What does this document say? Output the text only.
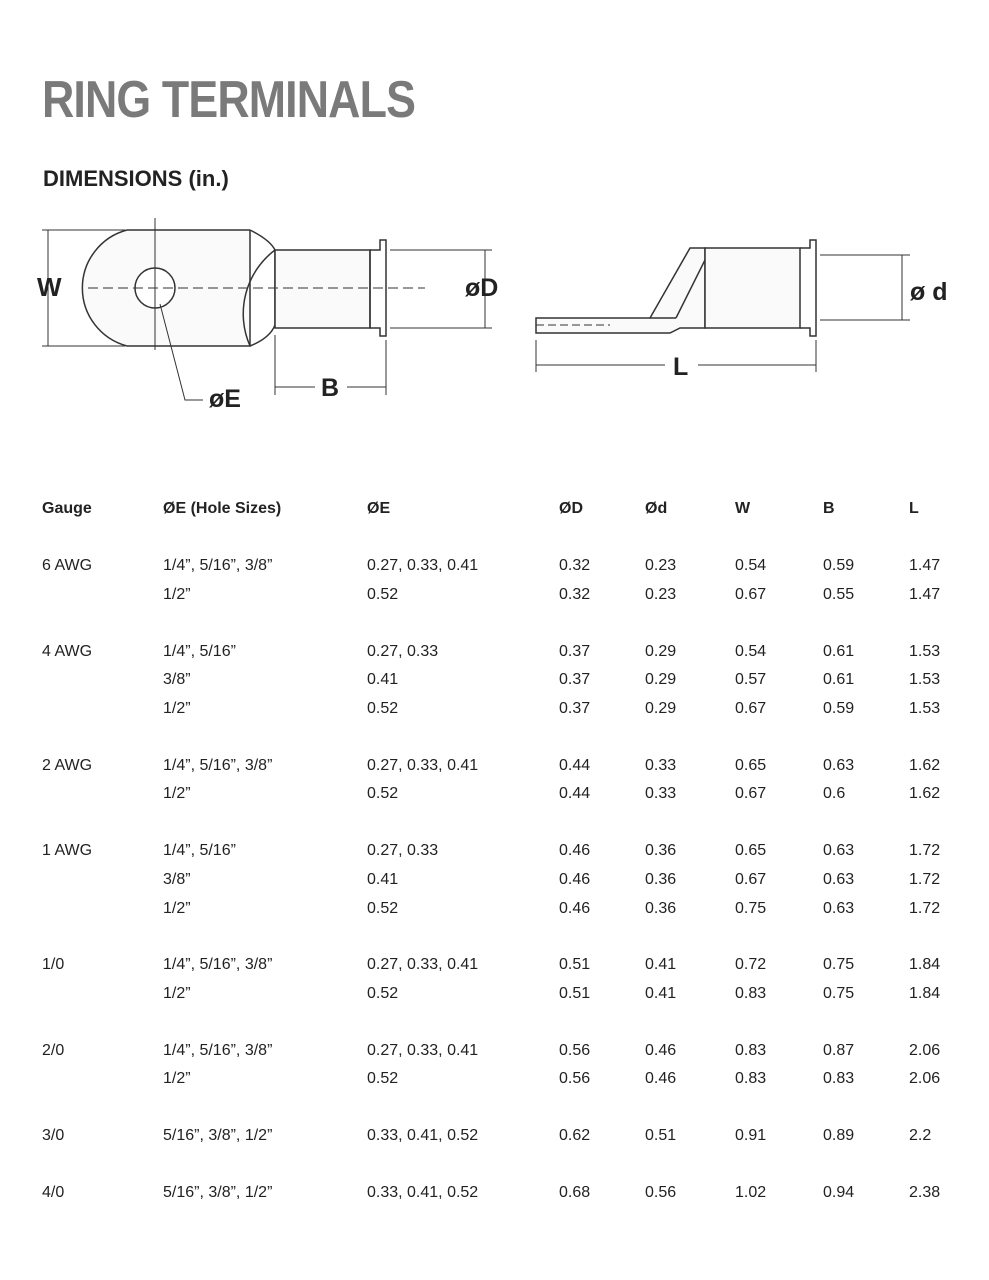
RING TERMINALS
DIMENSIONS (in.)
W
øE	B
øD	ø d
L
Gauge	ØE (Hole Sizes)	ØE	ØD	Ød	W	B	L

6 AWG	1/4”, 5/16”, 3/8”	0.27, 0.33, 0.41	0.32	0.23	0.54	0.59	1.47
	1/2”	0.52	0.32	0.23	0.67	0.55	1.47

4 AWG	1/4”, 5/16”	0.27, 0.33	0.37	0.29	0.54	0.61	1.53
	3/8”	0.41	0.37	0.29	0.57	0.61	1.53
	1/2”	0.52	0.37	0.29	0.67	0.59	1.53

2 AWG	1/4”, 5/16”, 3/8”	0.27, 0.33, 0.41	0.44	0.33	0.65	0.63	1.62
	1/2”	0.52	0.44	0.33	0.67	0.6	1.62

1 AWG	1/4”, 5/16”	0.27, 0.33	0.46	0.36	0.65	0.63	1.72
	3/8”	0.41	0.46	0.36	0.67	0.63	1.72
	1/2”	0.52	0.46	0.36	0.75	0.63	1.72

1/0	1/4”, 5/16”, 3/8”	0.27, 0.33, 0.41	0.51	0.41	0.72	0.75	1.84
	1/2”	0.52	0.51	0.41	0.83	0.75	1.84

2/0	1/4”, 5/16”, 3/8”	0.27, 0.33, 0.41	0.56	0.46	0.83	0.87	2.06
	1/2”	0.52	0.56	0.46	0.83	0.83	2.06

3/0	5/16”, 3/8”, 1/2”	0.33, 0.41, 0.52	0.62	0.51	0.91	0.89	2.2

4/0	5/16”, 3/8”, 1/2”	0.33, 0.41, 0.52	0.68	0.56	1.02	0.94	2.38
